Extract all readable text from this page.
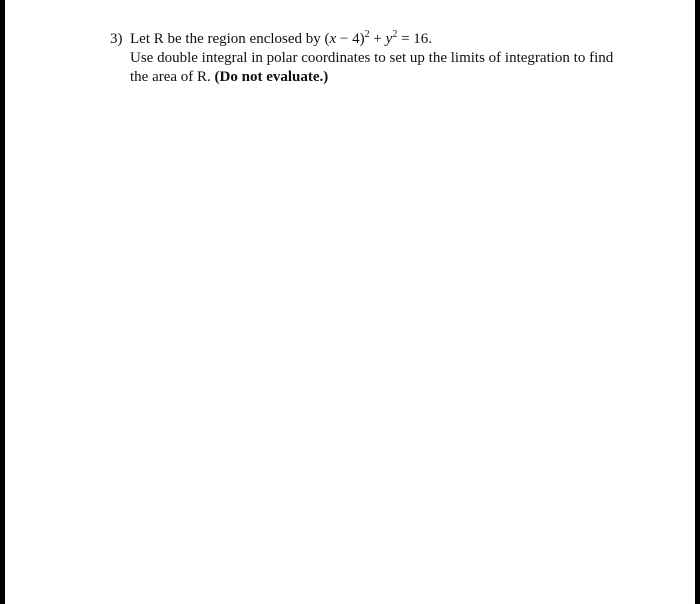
3) Let R be the region enclosed by $(x - 4)^2 + y^2 = 16$.
Use double integral in polar coordinates to set up the limits of integration to find
the area of R. (Do not evaluate.)
